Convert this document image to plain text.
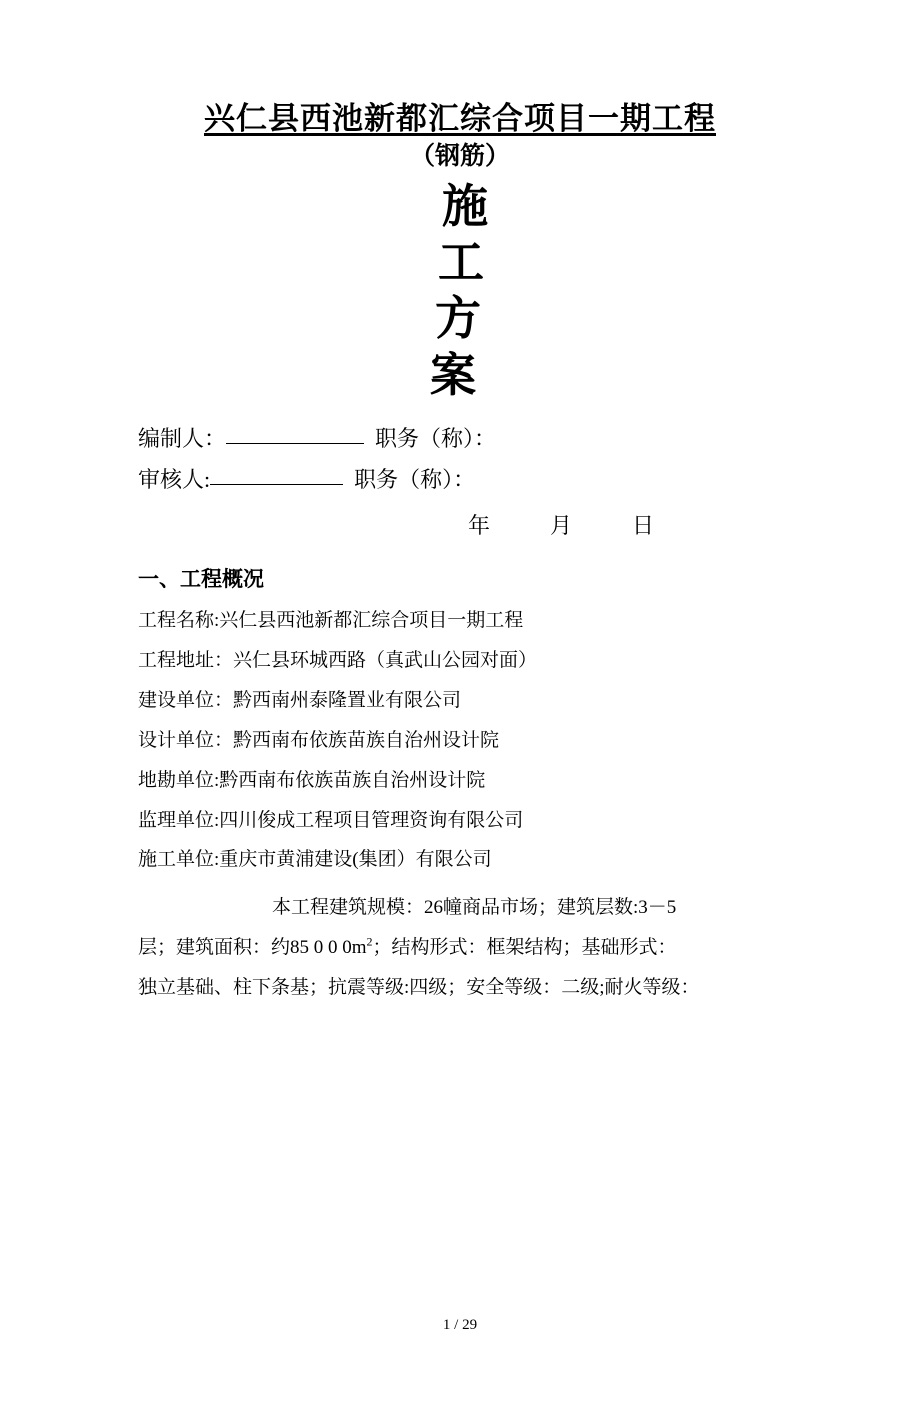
兴仁县西池新都汇综合项目一期工程
（钢筋）
施
工
方
案
编制人：	职务（称）：
审核人:	职务（称）：
年	月	日
一、工程概况

工程名称:兴仁县西池新都汇综合项目一期工程

工程地址：兴仁县环城西路（真武山公园对面）

建设单位：黔西南州泰隆置业有限公司

设计单位：黔西南布依族苗族自治州设计院

地勘单位:黔西南布依族苗族自治州设计院

监理单位:四川俊成工程项目管理资询有限公司

施工单位:重庆市黄浦建设(集团）有限公司

本工程建筑规模：26幢商品市场；建筑层数:3－5

层；建筑面积：约85 0 0 $0m^2$；结构形式：框架结构；基础形式：

独立基础、柱下条基；抗震等级:四级；安全等级：二级;耐火等级：

1 / 29
